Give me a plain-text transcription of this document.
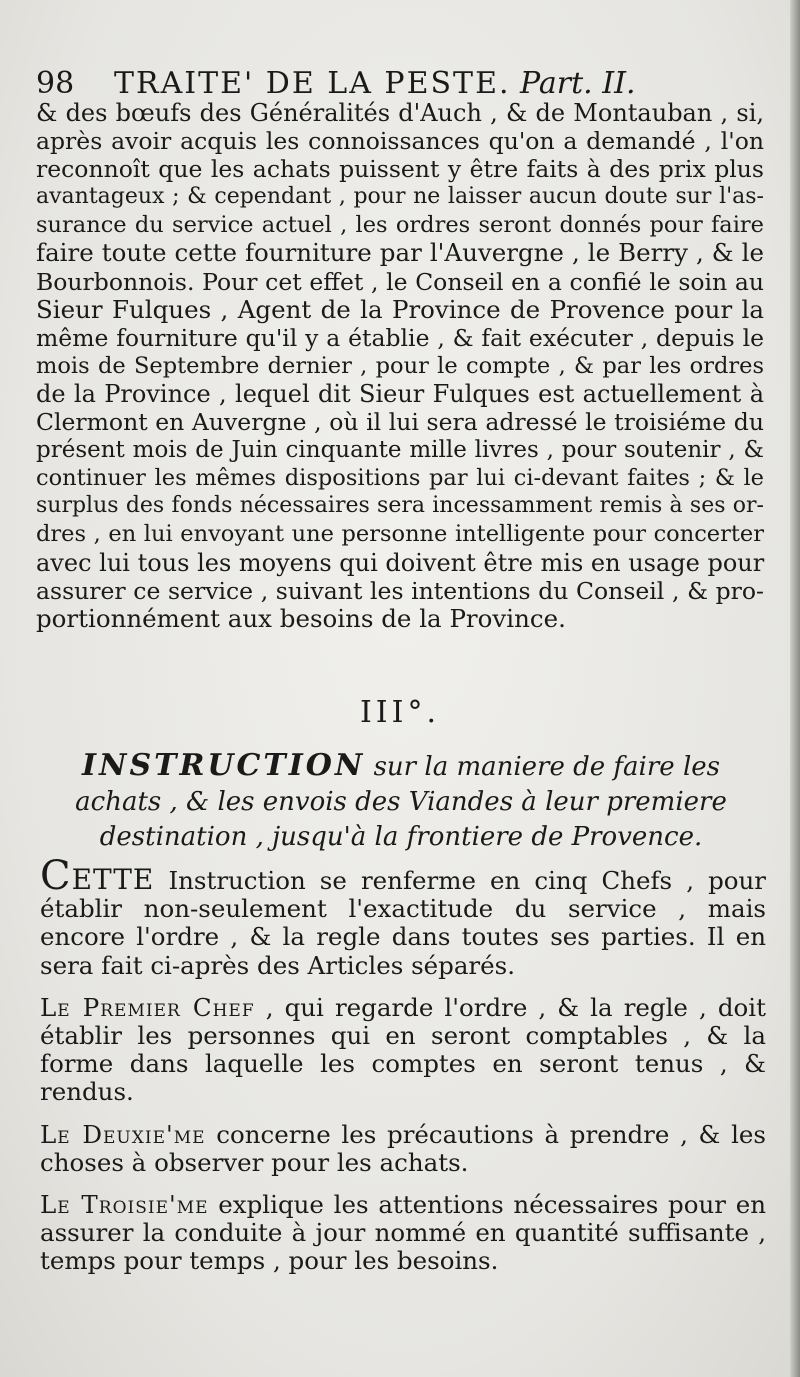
98 TRAITE' DE LA PESTE. Part. II.

& des bœufs des Généralités d'Auch , & de Montauban , si,

après avoir acquis les connoissances qu'on a demandé , l'on

reconnoît que les achats puissent y être faits à des prix plus

avantageux ; & cependant , pour ne laisser aucun doute sur l'as-

surance du service actuel , les ordres seront donnés pour faire

faire toute cette fourniture par l'Auvergne , le Berry , & le

Bourbonnois. Pour cet effet , le Conseil en a confié le soin au

Sieur Fulques , Agent de la Province de Provence pour la

même fourniture qu'il y a établie , & fait exécuter , depuis le

mois de Septembre dernier , pour le compte , & par les ordres

de la Province , lequel dit Sieur Fulques est actuellement à

Clermont en Auvergne , où il lui sera adressé le troisiéme du

présent mois de Juin cinquante mille livres , pour soutenir , &

continuer les mêmes dispositions par lui ci-devant faites ; & le

surplus des fonds nécessaires sera incessamment remis à ses or-

dres , en lui envoyant une personne intelligente pour concerter

avec lui tous les moyens qui doivent être mis en usage pour

assurer ce service , suivant les intentions du Conseil , & pro-

portionnément aux besoins de la Province.

III°.
INSTRUCTION sur la maniere de faire les
achats , & les envois des Viandes à leur premiere
destination , jusqu'à la frontiere de Provence.

Cette Instruction se renferme en cinq Chefs , pour établir non-seulement l'exactitude du service , mais encore l'ordre , & la regle dans toutes ses parties. Il en sera fait ci-après des Articles séparés.

Le Premier Chef , qui regarde l'ordre , & la regle , doit établir les personnes qui en seront comptables , & la forme dans laquelle les comptes en seront tenus , & rendus.

Le Deuxie'me concerne les précautions à prendre , & les choses à observer pour les achats.

Le Troisie'me explique les attentions nécessaires pour en assurer la conduite à jour nommé en quantité suffisante , temps pour temps , pour les besoins.
